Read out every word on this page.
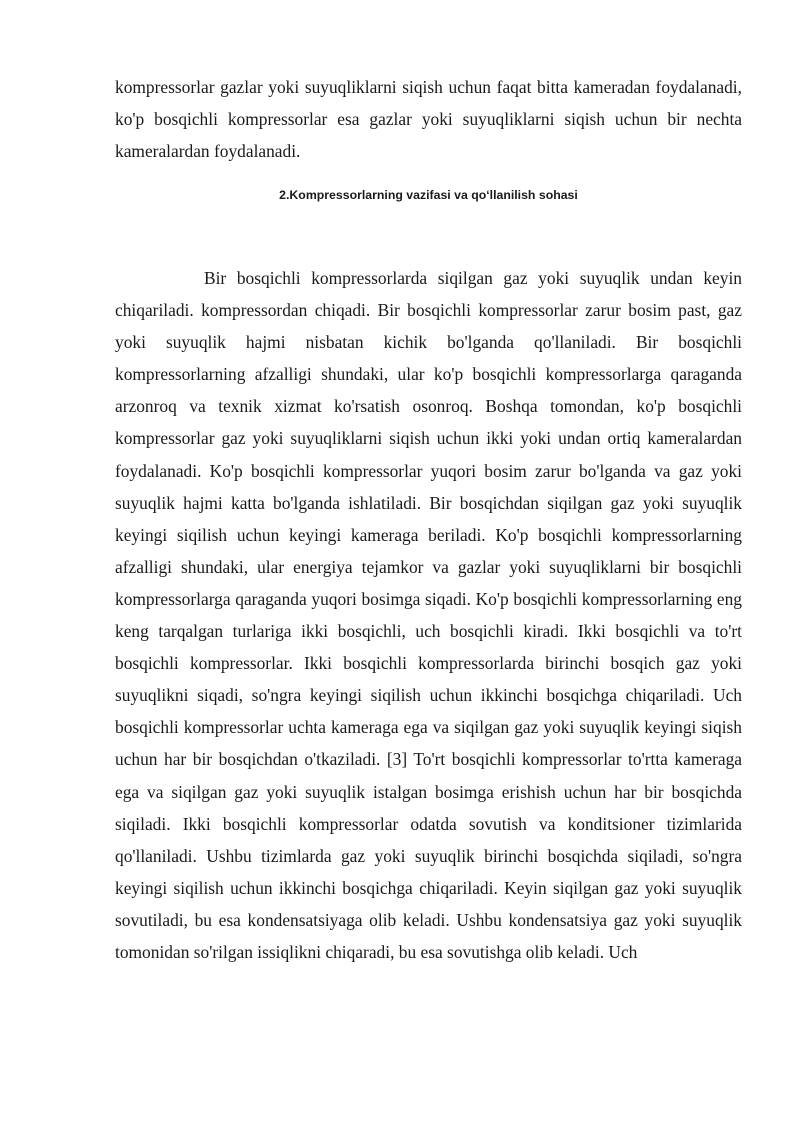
kompressorlar gazlar yoki suyuqliklarni siqish uchun faqat bitta kameradan foydalanadi, ko'p bosqichli kompressorlar esa gazlar yoki suyuqliklarni siqish uchun bir nechta kameralardan foydalanadi.

2.Kompressorlarning vazifasi va qoʻllanilish sohasi

Bir bosqichli kompressorlarda siqilgan gaz yoki suyuqlik undan keyin chiqariladi. kompressordan chiqadi. Bir bosqichli kompressorlar zarur bosim past, gaz yoki suyuqlik hajmi nisbatan kichik bo'lganda qo'llaniladi. Bir bosqichli kompressorlarning afzalligi shundaki, ular ko'p bosqichli kompressorlarga qaraganda arzonroq va texnik xizmat ko'rsatish osonroq. Boshqa tomondan, ko'p bosqichli kompressorlar gaz yoki suyuqliklarni siqish uchun ikki yoki undan ortiq kameralardan foydalanadi. Ko'p bosqichli kompressorlar yuqori bosim zarur bo'lganda va gaz yoki suyuqlik hajmi katta bo'lganda ishlatiladi. Bir bosqichdan siqilgan gaz yoki suyuqlik keyingi siqilish uchun keyingi kameraga beriladi. Ko'p bosqichli kompressorlarning afzalligi shundaki, ular energiya tejamkor va gazlar yoki suyuqliklarni bir bosqichli kompressorlarga qaraganda yuqori bosimga siqadi. Ko'p bosqichli kompressorlarning eng keng tarqalgan turlariga ikki bosqichli, uch bosqichli kiradi. Ikki bosqichli va to'rt bosqichli kompressorlar. Ikki bosqichli kompressorlarda birinchi bosqich gaz yoki suyuqlikni siqadi, so'ngra keyingi siqilish uchun ikkinchi bosqichga chiqariladi. Uch bosqichli kompressorlar uchta kameraga ega va siqilgan gaz yoki suyuqlik keyingi siqish uchun har bir bosqichdan o'tkaziladi. [3] To'rt bosqichli kompressorlar to'rtta kameraga ega va siqilgan gaz yoki suyuqlik istalgan bosimga erishish uchun har bir bosqichda siqiladi. Ikki bosqichli kompressorlar odatda sovutish va konditsioner tizimlarida qo'llaniladi. Ushbu tizimlarda gaz yoki suyuqlik birinchi bosqichda siqiladi, so'ngra keyingi siqilish uchun ikkinchi bosqichga chiqariladi. Keyin siqilgan gaz yoki suyuqlik sovutiladi, bu esa kondensatsiyaga olib keladi. Ushbu kondensatsiya gaz yoki suyuqlik tomonidan so'rilgan issiqlikni chiqaradi, bu esa sovutishga olib keladi. Uch
